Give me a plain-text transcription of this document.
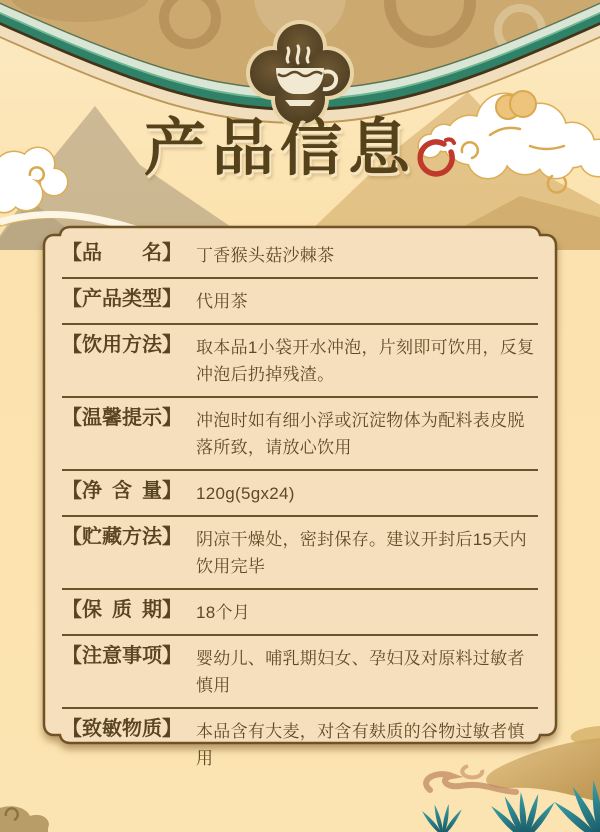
产品信息
【品名】 丁香猴头菇沙棘茶
【产品类型】 代用茶
【饮用方法】 取本品1小袋开水冲泡，片刻即可饮用，反复冲泡后扔掉残渣。
【温馨提示】 冲泡时如有细小浮或沉淀物体为配料表皮脱落所致，请放心饮用
【净含量】 120g(5gx24)
【贮藏方法】 阴凉干燥处，密封保存。建议开封后15天内饮用完毕
【保质期】 18个月
【注意事项】 婴幼儿、哺乳期妇女、孕妇及对原料过敏者慎用
【致敏物质】 本品含有大麦，对含有麸质的谷物过敏者慎用
